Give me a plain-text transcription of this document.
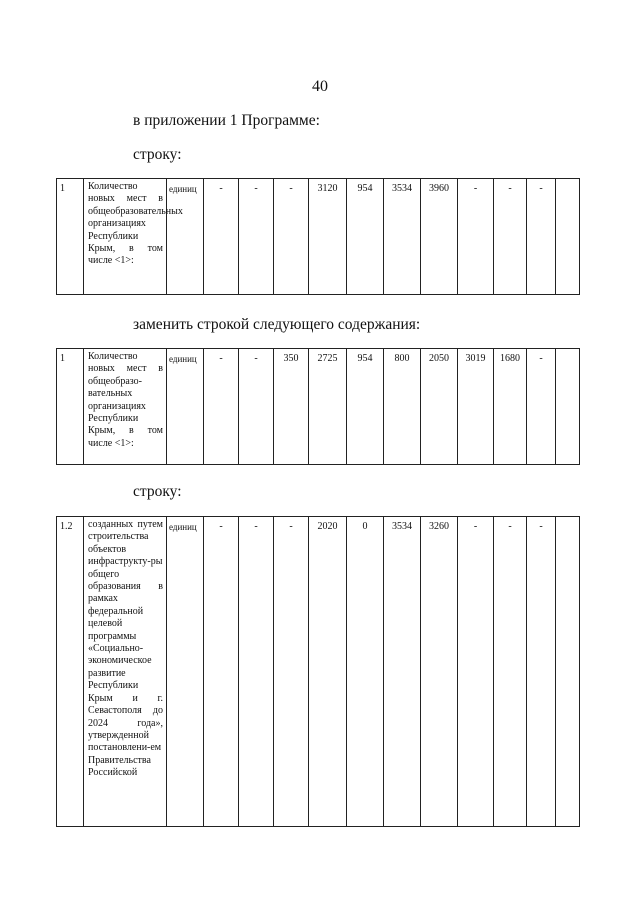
40
в приложении 1 Программе:
строку:
1	Количество новых мест в общеобразовательных организациях Республики Крым, в том числе <1>:	единиц	-	-	-	3120	954	3534	3960	-	-	-	
заменить строкой следующего содержания:
1	Количество новых мест в общеобразо-вательных организациях Республики Крым, в том числе <1>:	единиц	-	-	350	2725	954	800	2050	3019	1680	-	
строку:
1.2	созданных путем строительства объектов инфраструкту-ры общего образования в рамках федеральной целевой программы «Социально-экономическое развитие Республики Крым и г. Севастополя до 2024 года», утвержденной постановлени-ем Правительства Российской	единиц	-	-	-	2020	0	3534	3260	-	-	-	
